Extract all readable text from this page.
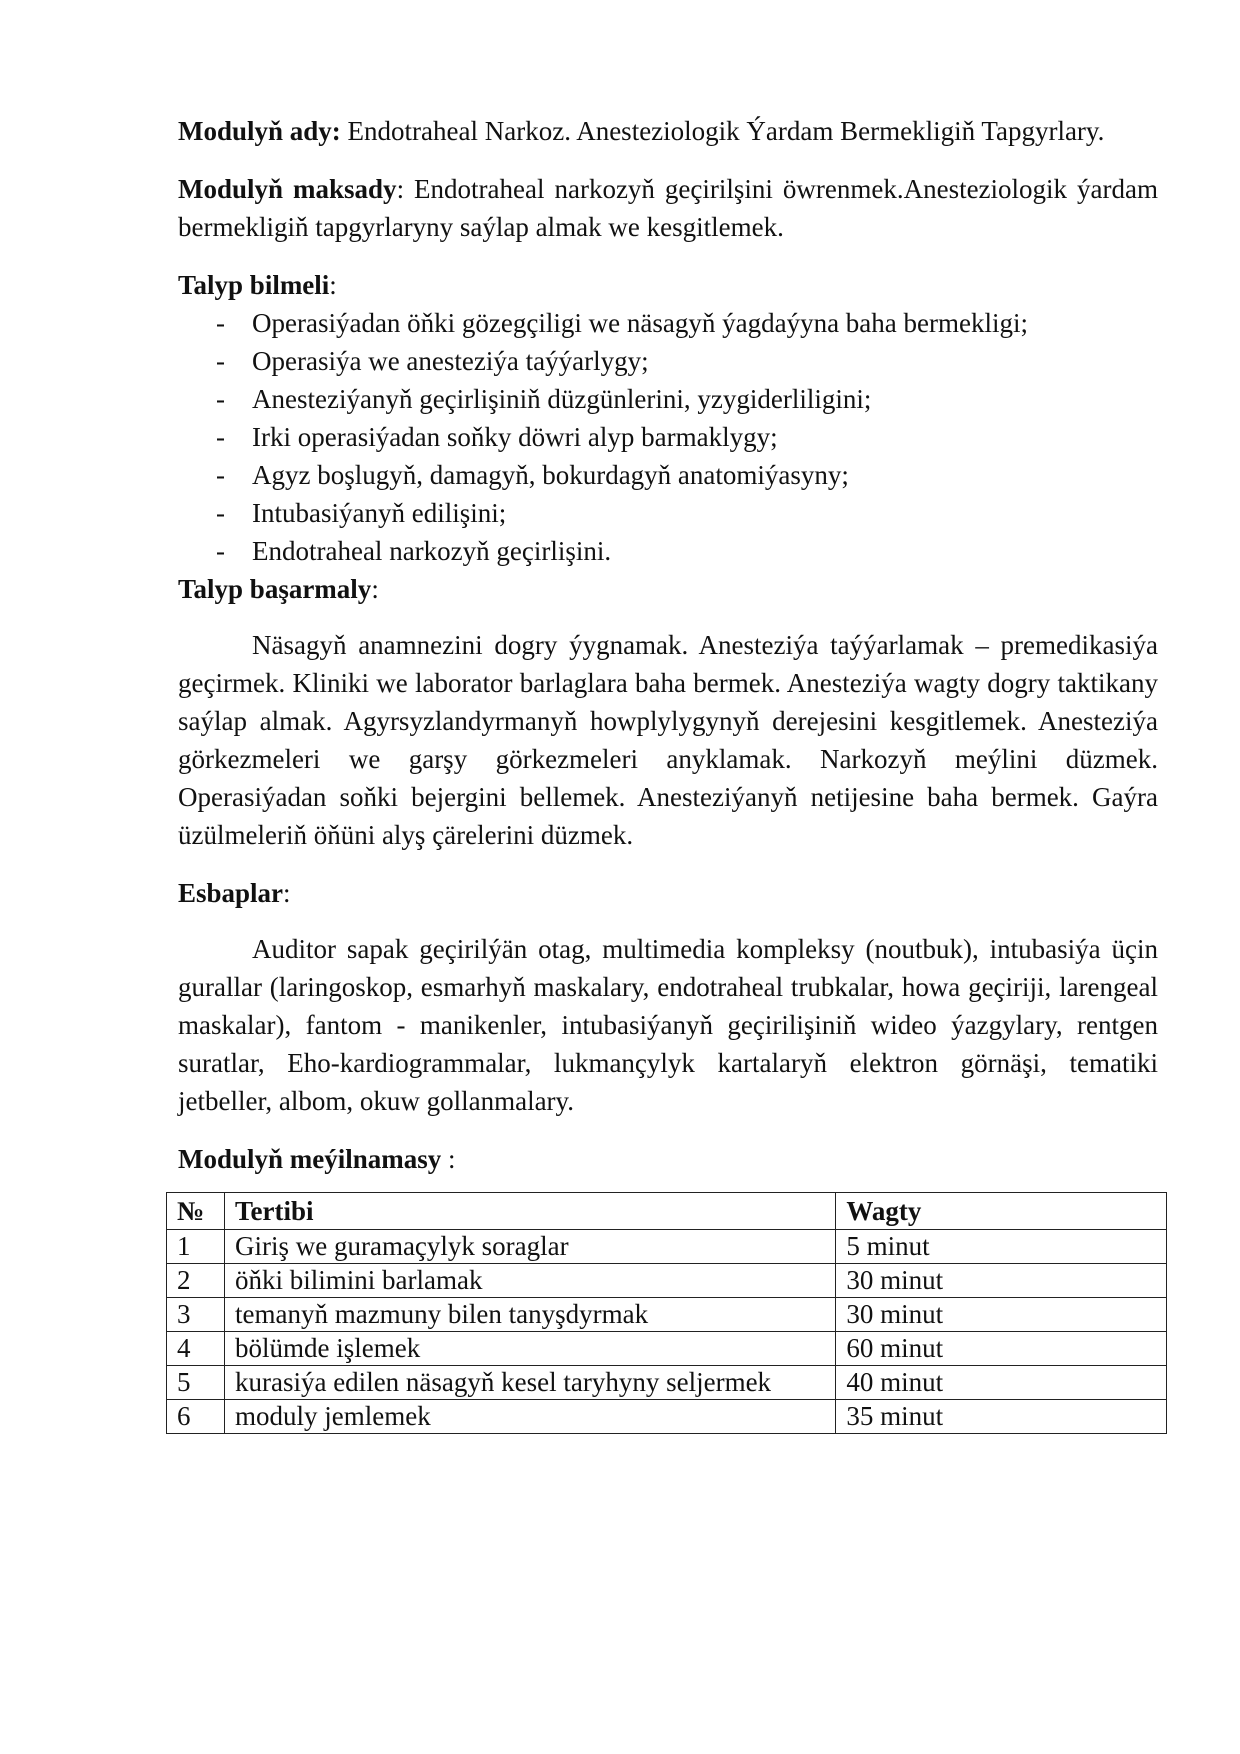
Modulyň ady: Endotraheal Narkoz. Anesteziologik Ýardam Bermekligiň Tapgyrlary.

Modulyň maksady: Endotraheal narkozyň geçirilşini öwrenmek.Anesteziologik ýardam bermekligiň tapgyrlaryny saýlap almak we kesgitlemek.

Talyp bilmeli:

- Operasiýadan öňki gözegçiligi we näsagyň ýagdaýyna baha bermekligi;
- Operasiýa we anesteziýa taýýarlygy;
- Anesteziýanyň geçirlişiniň düzgünlerini, yzygiderliligini;
- Irki operasiýadan soňky döwri alyp barmaklygy;
- Agyz boşlugyň, damagyň, bokurdagyň anatomiýasyny;
- Intubasiýanyň edilişini;
- Endotraheal narkozyň geçirlişini.

Talyp başarmaly:

Näsagyň anamnezini dogry ýygnamak. Anesteziýa taýýarlamak – premedikasiýa geçirmek. Kliniki we laborator barlaglara baha bermek. Anesteziýa wagty dogry taktikany saýlap almak. Agyrsyzlandyrmanyň howplylygynyň derejesini kesgitlemek. Anesteziýa görkezmeleri we garşy görkezmeleri anyklamak. Narkozyň meýlini düzmek. Operasiýadan soňki bejergini bellemek. Anesteziýanyň netijesine baha bermek. Gaýra üzülmeleriň öňüni alyş çärelerini düzmek.

Esbaplar:

Auditor sapak geçirilýän otag, multimedia kompleksy (noutbuk), intubasiýa üçin gurallar (laringoskop, esmarhyň maskalary, endotraheal trubkalar, howa geçiriji, larengeal maskalar), fantom - manikenler, intubasiýanyň geçirilişiniň wideo ýazgylary, rentgen suratlar, Eho-kardiogrammalar, lukmançylyk kartalaryň elektron görnäşi, tematiki jetbeller, albom, okuw gollanmalary.

Modulyň meýilnamasy :

№	Tertibi	Wagty
1	Giriş we guramaçylyk soraglar	5 minut
2	öňki bilimini barlamak	30 minut
3	temanyň mazmuny bilen tanyşdyrmak	30 minut
4	bölümde işlemek	60 minut
5	kurasiýa edilen näsagyň kesel taryhyny seljermek	40 minut
6	moduly jemlemek	35 minut
